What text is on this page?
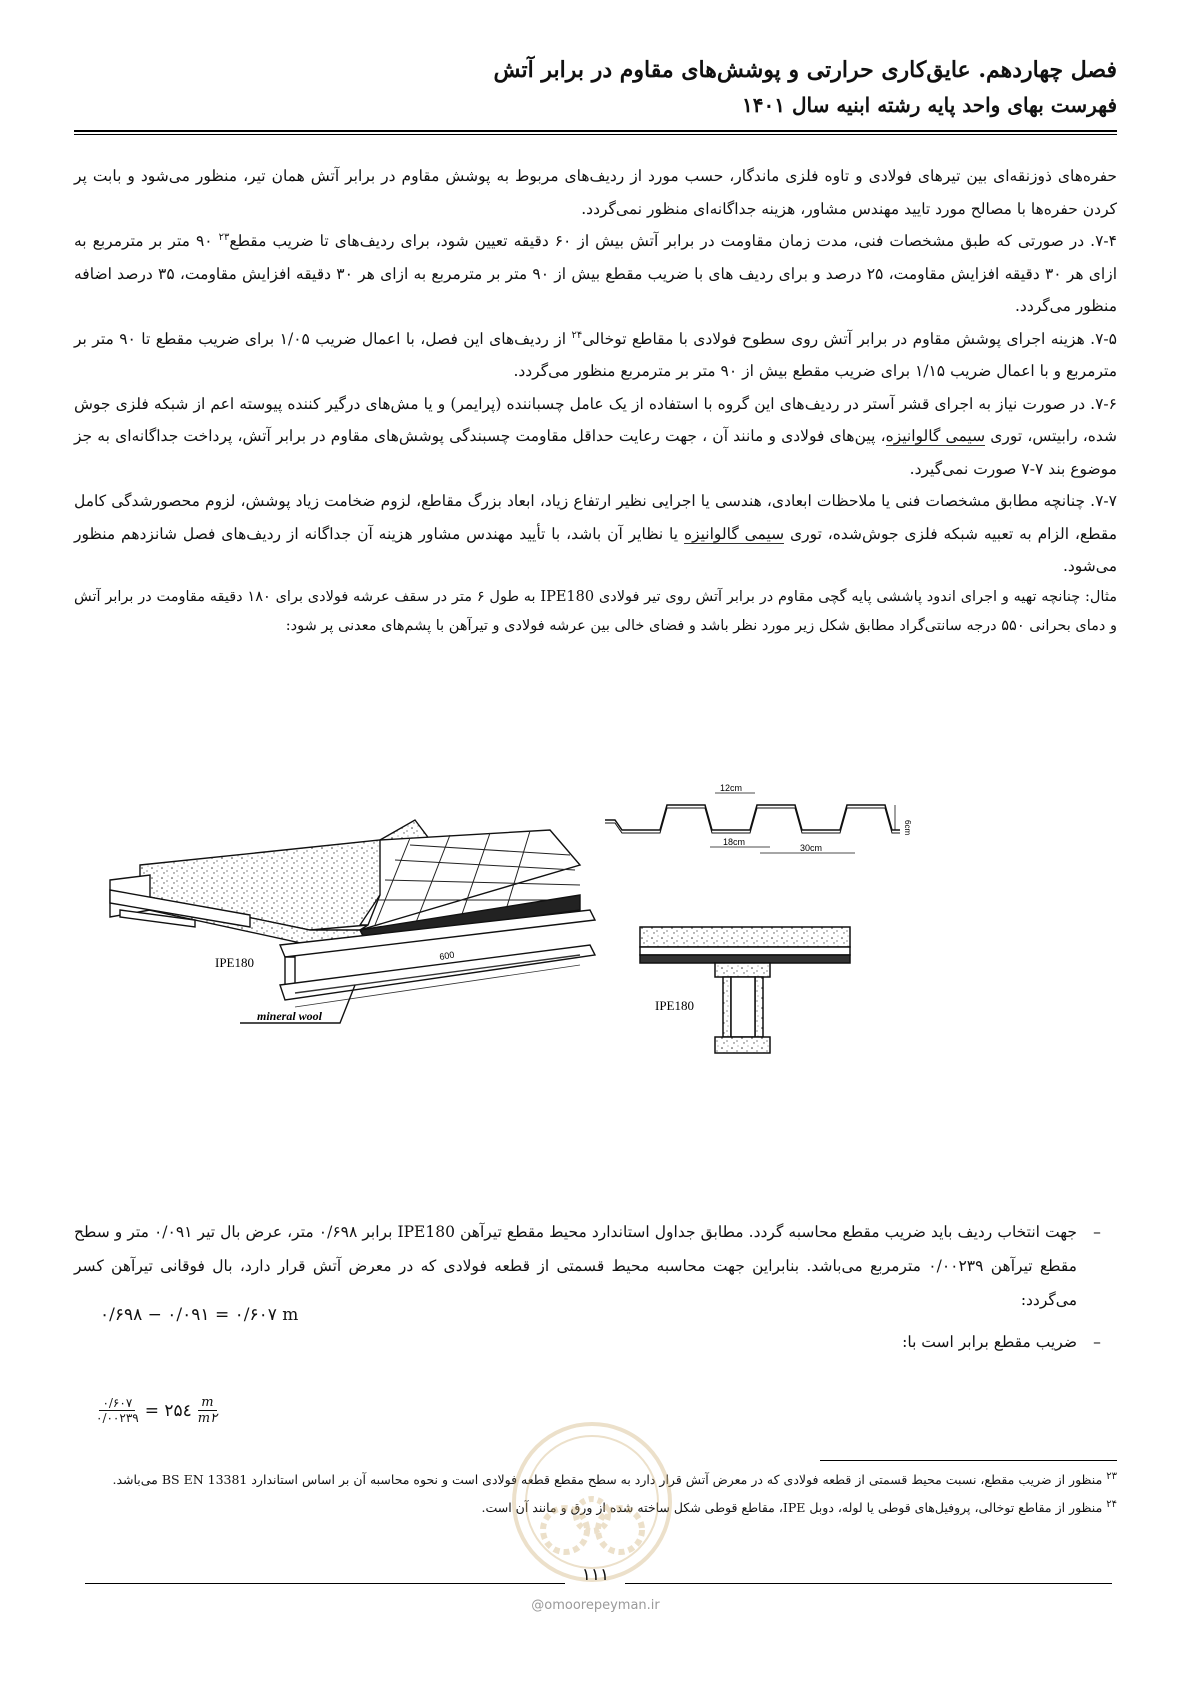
فصل چهاردهم. عایق‌کاری حرارتی و پوشش‌های مقاوم در برابر آتش
فهرست بهای واحد پایه رشته ابنیه سال ۱۴۰۱

حفره‌های ذوزنقه‌ای بین تیرهای فولادی و تاوه فلزی ماندگار، حسب مورد از ردیف‌های مربوط به پوشش مقاوم در برابر آتش همان تیر، منظور می‌شود و بابت پر کردن حفره‌ها با مصالح مورد تایید مهندس مشاور، هزینه جداگانه‌ای منظور نمی‌گردد.

۷-۴. در صورتی که طبق مشخصات فنی، مدت زمان مقاومت در برابر آتش بیش از ۶۰ دقیقه تعیین شود، برای ردیف‌های تا ضریب مقطع$^{۲۳}$ ۹۰ متر بر مترمربع به ازای هر ۳۰ دقیقه افزایش مقاومت، ۲۵ درصد و برای ردیف های با ضریب مقطع بیش از ۹۰ متر بر مترمربع به ازای هر ۳۰ دقیقه افزایش مقاومت، ۳۵ درصد اضافه منظور می‌گردد.

۷-۵. هزینه اجرای پوشش مقاوم در برابر آتش روی سطوح فولادی با مقاطع توخالی$^{۲۴}$ از ردیف‌های این فصل، با اعمال ضریب ۱/۰۵ برای ضریب مقطع تا ۹۰ متر بر مترمربع و با اعمال ضریب ۱/۱۵ برای ضریب مقطع بیش از ۹۰ متر بر مترمربع منظور می‌گردد.

۷-۶. در صورت نیاز به اجرای قشر آستر در ردیف‌های این گروه با استفاده از یک عامل چسباننده (پرایمر) و یا مش‌های درگیر کننده پیوسته اعم از شبکه فلزی جوش شده، رابیتس، توری سیمی گالوانیزه، پین‌های فولادی و مانند آن ، جهت رعایت حداقل مقاومت چسبندگی پوشش‌های مقاوم در برابر آتش، پرداخت جداگانه‌ای به جز موضوع بند ۷-۷ صورت نمی‌گیرد.

۷-۷. چنانچه مطابق مشخصات فنی یا ملاحظات ابعادی، هندسی یا اجرایی نظیر ارتفاع زیاد، ابعاد بزرگ مقاطع، لزوم ضخامت زیاد پوشش، لزوم محصورشدگی کامل مقطع، الزام به تعبیه شبکه فلزی جوش‌شده، توری سیمی گالوانیزه یا نظایر آن باشد، با تأیید مهندس مشاور هزینه آن جداگانه از ردیف‌های فصل شانزدهم منظور می‌شود.

مثال: چنانچه تهیه و اجرای اندود پاششی پایه گچی مقاوم در برابر آتش روی تیر فولادی IPE180 به طول ۶ متر در سقف عرشه فولادی برای ۱۸۰ دقیقه مقاومت در برابر آتش و دمای بحرانی ۵۵۰ درجه سانتی‌گراد مطابق شکل زیر مورد نظر باشد و فضای خالی بین عرشه فولادی و تیرآهن با پشم‌های معدنی پر شود:

IPE180
mineral wool
600
12cm
18cm
30cm
6cm
IPE180
–
جهت انتخاب ردیف باید ضریب مقطع محاسبه گردد. مطابق جداول استاندارد محیط مقطع تیرآهن IPE180 برابر ۰/۶۹۸ متر، عرض بال تیر ۰/۰۹۱ متر و سطح مقطع تیرآهن ۰/۰۰۲۳۹ مترمربع می‌باشد. بنابراین جهت محاسبه محیط قسمتی از قطعه فولادی که در معرض آتش قرار دارد، بال فوقانی تیرآهن کسر می‌گردد:
–
ضریب مقطع برابر است با:
۰/۶۹۸ − ۰/۰۹۱ = ۰/۶۰۷ m
$\frac{۰/۶۰۷}{۰/۰۰۲۳۹}$ = ۲۵٤ $\frac{m}{m۲}$

$^{۲۳}$ منظور از ضریب مقطع، نسبت محیط قسمتی از قطعه فولادی که در معرض آتش قرار دارد به سطح مقطع قطعه فولادی است و نحوه محاسبه آن بر اساس استاندارد BS EN 13381 می‌باشد.

$^{۲۴}$ منظور از مقاطع توخالی، پروفیل‌های قوطی یا لوله، دوبل IPE، مقاطع قوطی شکل ساخته شده از ورق و مانند آن است.

۱۱۱
@omoorepeyman.ir
